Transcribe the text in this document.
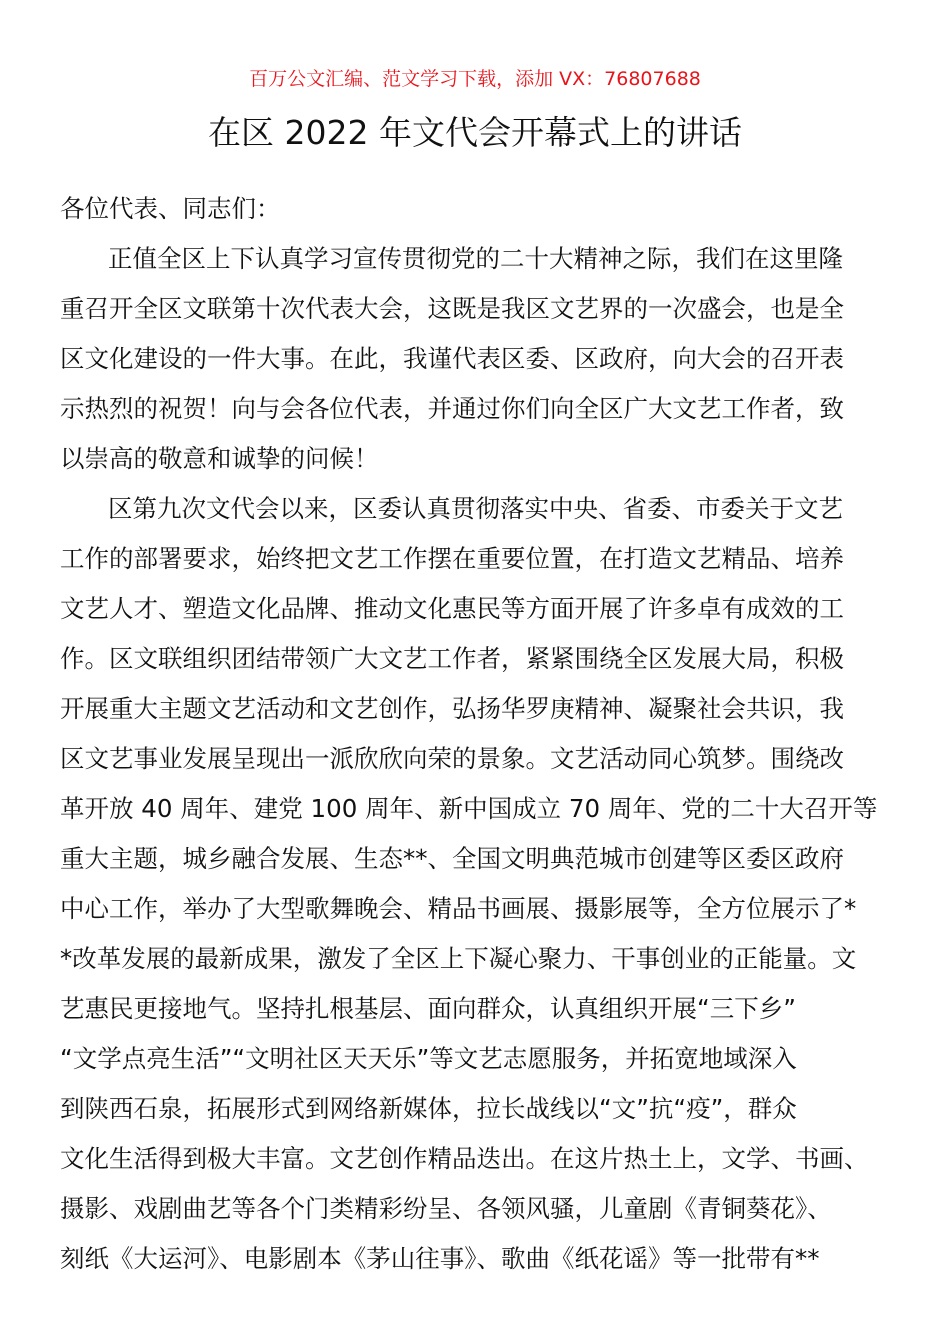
百万公文汇编、范文学习下载，添加 VX：76807688
在区 2022 年文代会开幕式上的讲话
各位代表、同志们：
正值全区上下认真学习宣传贯彻党的二十大精神之际，我们在这里隆
重召开全区文联第十次代表大会，这既是我区文艺界的一次盛会，也是全
区文化建设的一件大事。在此，我谨代表区委、区政府，向大会的召开表
示热烈的祝贺！向与会各位代表，并通过你们向全区广大文艺工作者，致
以崇高的敬意和诚挚的问候！
区第九次文代会以来，区委认真贯彻落实中央、省委、市委关于文艺
工作的部署要求，始终把文艺工作摆在重要位置，在打造文艺精品、培养
文艺人才、塑造文化品牌、推动文化惠民等方面开展了许多卓有成效的工
作。区文联组织团结带领广大文艺工作者，紧紧围绕全区发展大局，积极
开展重大主题文艺活动和文艺创作，弘扬华罗庚精神、凝聚社会共识，我
区文艺事业发展呈现出一派欣欣向荣的景象。文艺活动同心筑梦。围绕改
革开放 40 周年、建党 100 周年、新中国成立 70 周年、党的二十大召开等
重大主题，城乡融合发展、生态**、全国文明典范城市创建等区委区政府
中心工作，举办了大型歌舞晚会、精品书画展、摄影展等，全方位展示了*
*改革发展的最新成果，激发了全区上下凝心聚力、干事创业的正能量。文
艺惠民更接地气。坚持扎根基层、面向群众，认真组织开展“三下乡”
“文学点亮生活”“文明社区天天乐”等文艺志愿服务，并拓宽地域深入
到陕西石泉，拓展形式到网络新媒体，拉长战线以“文”抗“疫”，群众
文化生活得到极大丰富。文艺创作精品迭出。在这片热土上，文学、书画、
摄影、戏剧曲艺等各个门类精彩纷呈、各领风骚，儿童剧《青铜葵花》、
刻纸《大运河》、电影剧本《茅山往事》、歌曲《纸花谣》等一批带有**
